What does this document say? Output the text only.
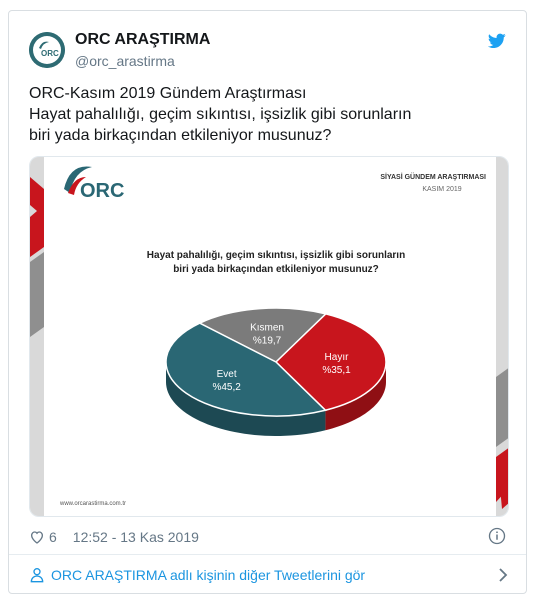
ORC
ORC ARAŞTIRMA
@orc_arastirma
ORC-Kasım 2019 Gündem Araştırması
Hayat pahalılığı, geçim sıkıntısı, işsizlik gibi sorunların
biri yada birkaçından etkileniyor musunuz?
ORC
SİYASİ GÜNDEM ARAŞTIRMASI
KASIM 2019
Hayat pahalılığı, geçim sıkıntısı, işsizlik gibi sorunların
biri yada birkaçından etkileniyor musunuz?
Kısmen
%19,7
Hayır
%35,1
Evet
%45,2
www.orcarastirma.com.tr
6 12:52 - 13 Kas 2019
ORC ARAŞTIRMA adlı kişinin diğer Tweetlerini gör
